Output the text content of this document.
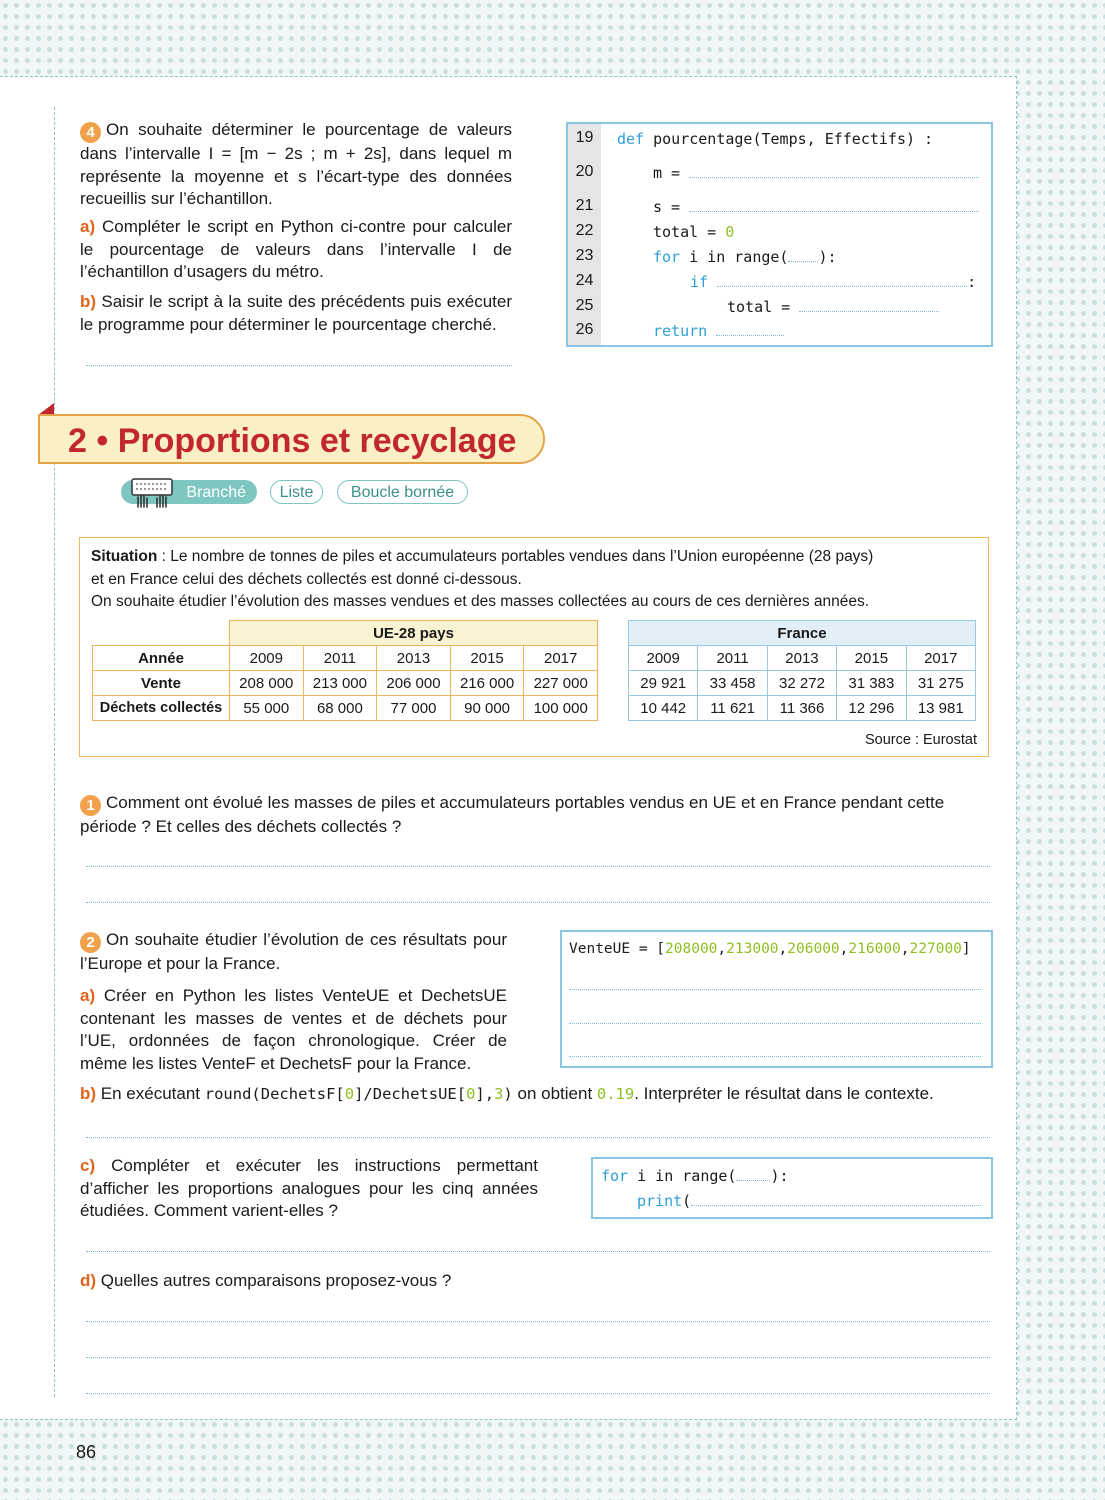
4 On souhaite déterminer le pourcentage de valeurs dans l’intervalle I = [m − 2s ; m + 2s], dans lequel m représente la moyenne et s l’écart-type des données recueillis sur l’échantillon.
a) Compléter le script en Python ci-contre pour calculer le pourcentage de valeurs dans l’intervalle I de l’échantillon d’usagers du métro.
b) Saisir le script à la suite des précédents puis exécuter le programme pour déterminer le pourcentage cherché.
19
20
21
22
23
24
25
26
def pourcentage(Temps, Effectifs) :
m =
s =
total = 0
for i in range( ):
if	:
total =
return
2 • Proportions et recyclage
Branché	Liste	Boucle bornée
Situation : Le nombre de tonnes de piles et accumulateurs portables vendues dans l’Union européenne (28 pays)
et en France celui des déchets collectés est donné ci-dessous.
On souhaite étudier l’évolution des masses vendues et des masses collectées au cours de ces dernières années.
Source : Eurostat
	UE-28 pays				
Année	2009	2011	2013	2015	2017
Vente	208 000	213 000	206 000	216 000	227 000
Déchets collectés	55 000	68 000	77 000	90 000	100 000
France				
2009	2011	2013	2015	2017
29 921	33 458	32 272	31 383	31 275
10 442	11 621	11 366	12 296	13 981
1 Comment ont évolué les masses de piles et accumulateurs portables vendus en UE et en France pendant cette période ? Et celles des déchets collectés ?
2 On souhaite étudier l’évolution de ces résultats pour l’Europe et pour la France.
a) Créer en Python les listes VenteUE et DechetsUE contenant les masses de ventes et de déchets pour l’UE, ordonnées de façon chronologique. Créer de même les listes VenteF et DechetsF pour la France.
VenteUE = [208000,213000,206000,216000,227000]
b) En exécutant round(DechetsF[0]/DechetsUE[0],3) on obtient 0.19. Interpréter le résultat dans le contexte.
c) Compléter et exécuter les instructions permettant d’afficher les proportions analogues pour les cinq années étudiées. Comment varient-elles ?
for i in range( ):
print(
d) Quelles autres comparaisons proposez-vous ?
86
